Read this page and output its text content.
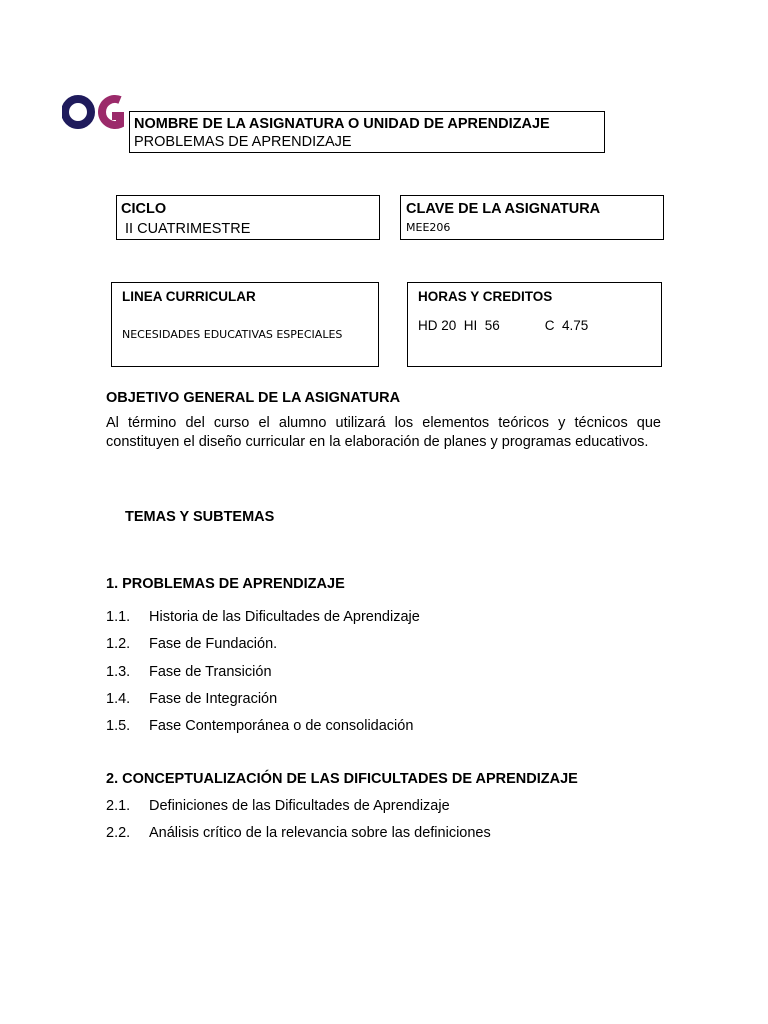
NOMBRE DE LA ASIGNATURA O UNIDAD DE APRENDIZAJE
PROBLEMAS DE APRENDIZAJE
CICLO
II CUATRIMESTRE
CLAVE DE LA ASIGNATURA
MEE206
LINEA CURRICULAR
NECESIDADES EDUCATIVAS ESPECIALES
HORAS Y CREDITOS
HD 20  HI  56            C  4.75
OBJETIVO GENERAL DE LA ASIGNATURA
Al término del curso el alumno utilizará los elementos teóricos y técnicos que constituyen el diseño curricular en la elaboración de planes y programas educativos.
TEMAS Y SUBTEMAS
1. PROBLEMAS DE APRENDIZAJE
1.1. Historia de las Dificultades de Aprendizaje
1.2. Fase de Fundación.
1.3. Fase de Transición
1.4. Fase de Integración
1.5. Fase Contemporánea o de consolidación
2. CONCEPTUALIZACIÓN DE LAS DIFICULTADES DE APRENDIZAJE
2.1. Definiciones de las Dificultades de Aprendizaje
2.2. Análisis crítico de la relevancia sobre las definiciones
